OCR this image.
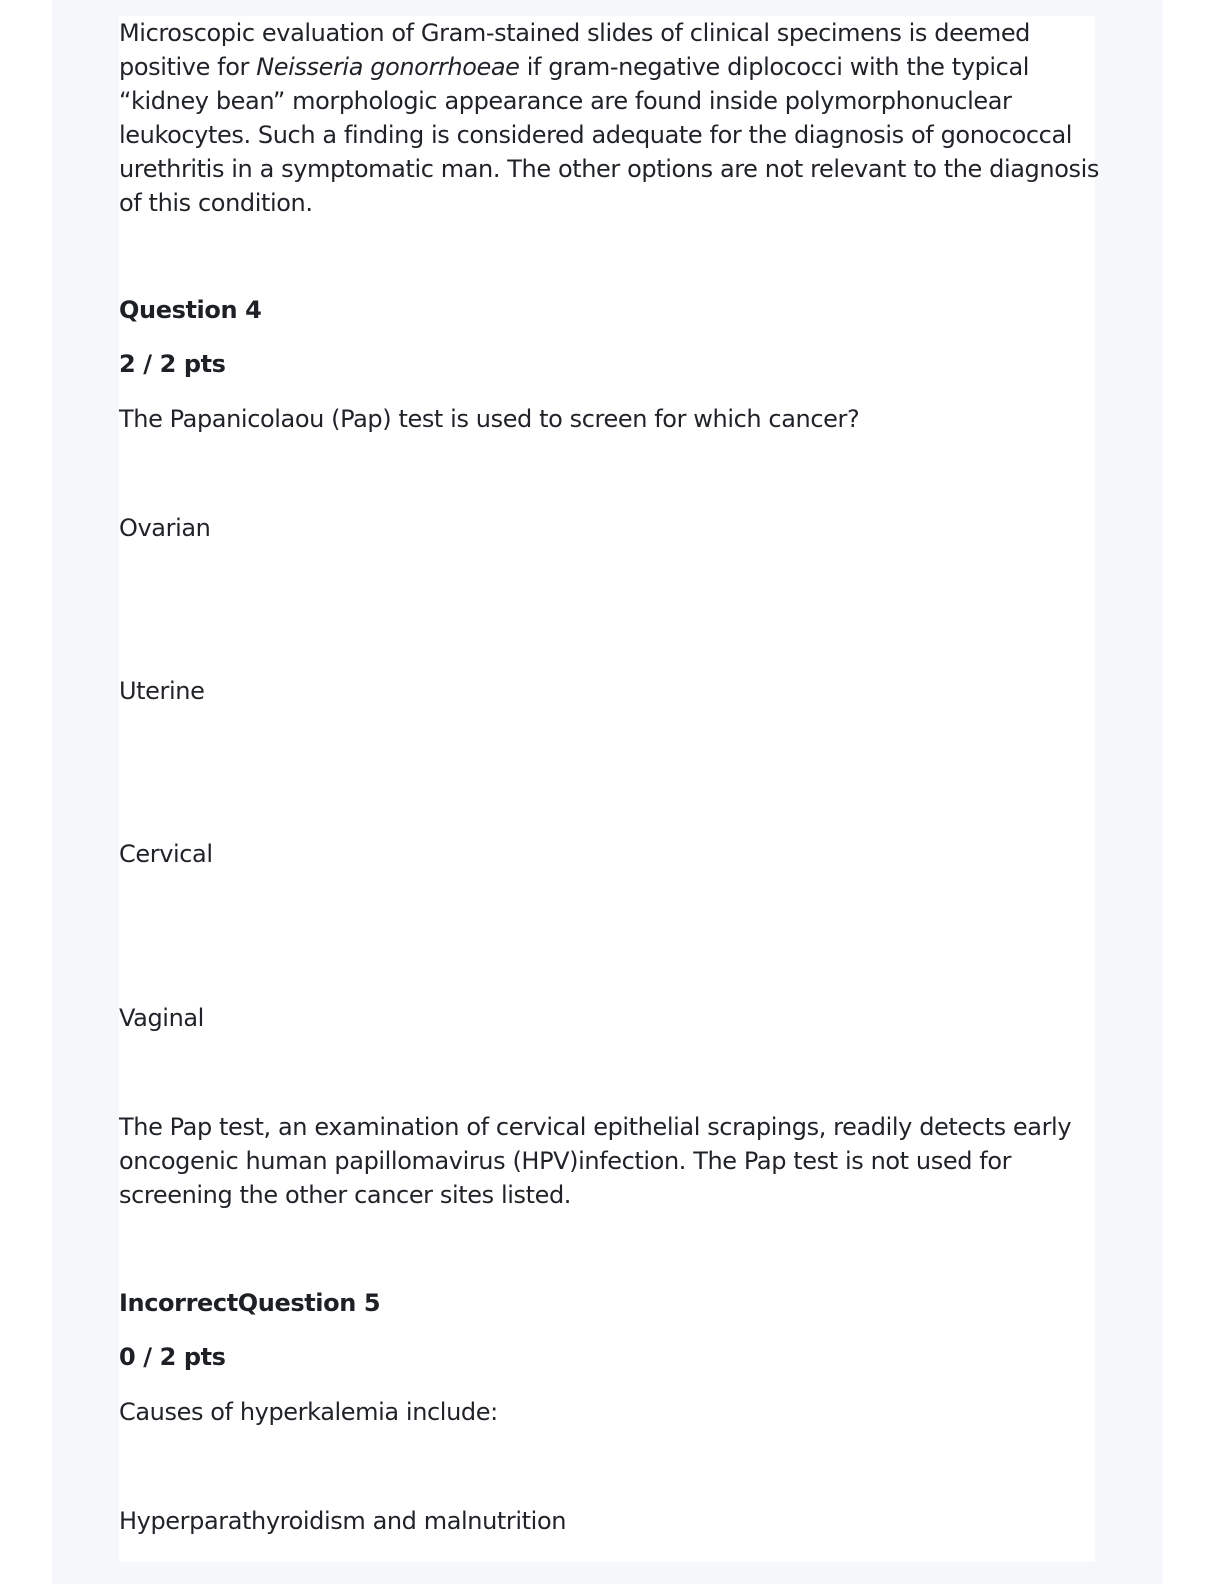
Microscopic evaluation of Gram-stained slides of clinical specimens is deemed positive for Neisseria gonorrhoeae if gram-negative diplococci with the typical “kidney bean” morphologic appearance are found inside polymorphonuclear leukocytes. Such a finding is considered adequate for the diagnosis of gonococcal urethritis in a symptomatic man. The other options are not relevant to the diagnosis of this condition.

Question 4
2 / 2 pts

The Papanicolaou (Pap) test is used to screen for which cancer?

Ovarian
Uterine
Cervical
Vaginal

The Pap test, an examination of cervical epithelial scrapings, readily detects early oncogenic human papillomavirus (HPV)infection. The Pap test is not used for screening the other cancer sites listed.

IncorrectQuestion 5
0 / 2 pts

Causes of hyperkalemia include:

Hyperparathyroidism and malnutrition
